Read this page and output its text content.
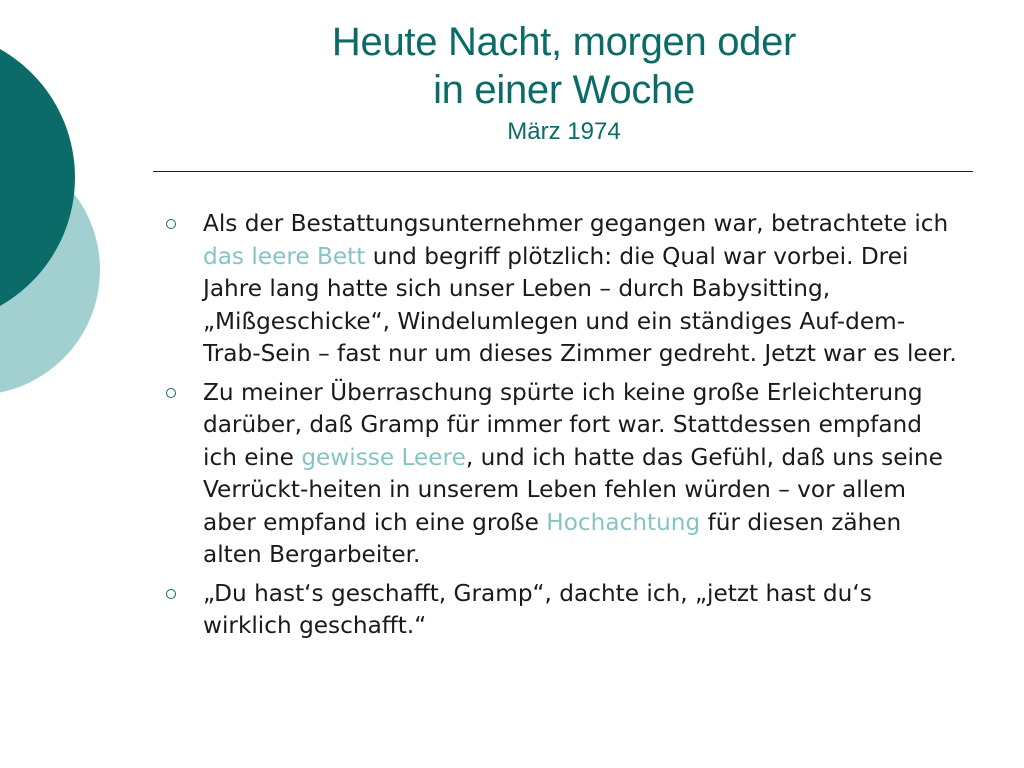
Heute Nacht, morgen oder
in einer Woche
März 1974
Als der Bestattungsunternehmer gegangen war, betrachtete ich das leere Bett und begriff plötzlich: die Qual war vorbei. Drei Jahre lang hatte sich unser Leben – durch Babysitting, „Mißgeschicke“, Windelumlegen und ein ständiges Auf-dem-Trab-Sein – fast nur um dieses Zimmer gedreht. Jetzt war es leer.
Zu meiner Überraschung spürte ich keine große Erleichterung darüber, daß Gramp für immer fort war. Stattdessen empfand ich eine gewisse Leere, und ich hatte das Gefühl, daß uns seine Verrückt-heiten in unserem Leben fehlen würden – vor allem aber empfand ich eine große Hochachtung für diesen zähen alten Bergarbeiter.
„Du hast‘s geschafft, Gramp“, dachte ich, „jetzt hast du‘s wirklich geschafft.“
